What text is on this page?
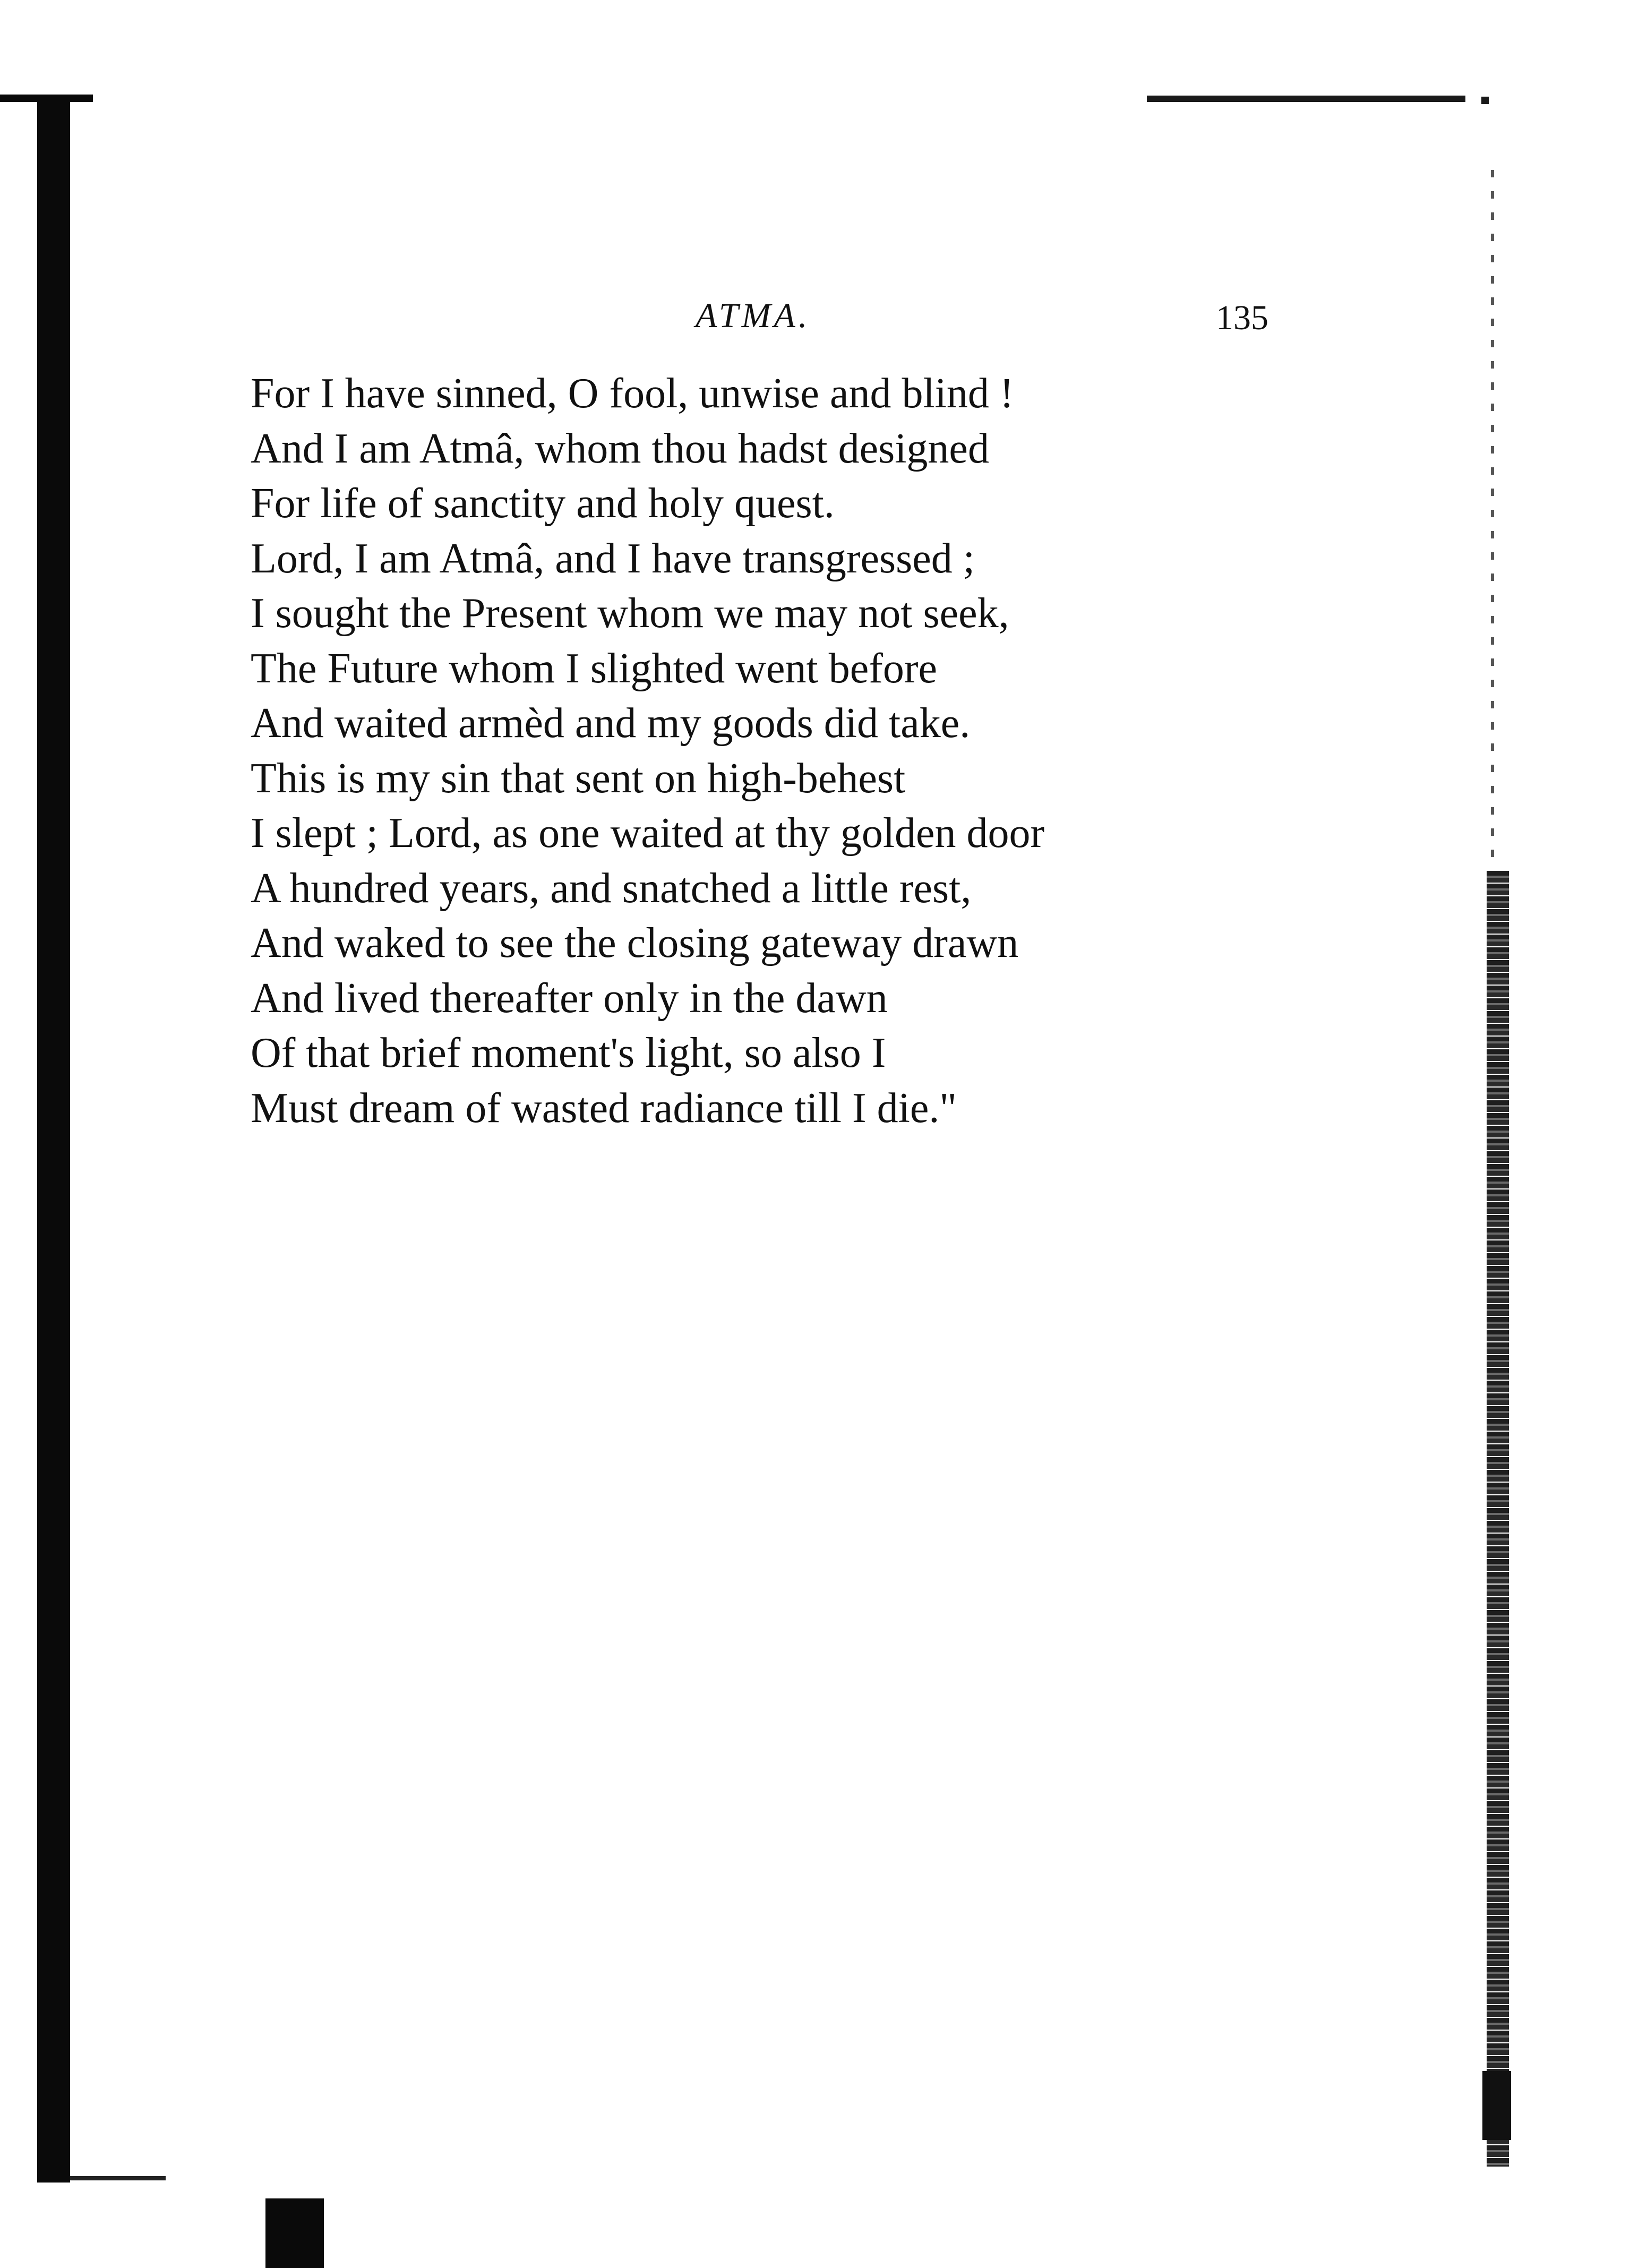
ATMA.	135
For I have sinned, O fool, unwise and blind !
And I am Atmâ, whom thou hadst designed
For life of sanctity and holy quest.
Lord, I am Atmâ, and I have transgressed ;
I sought the Present whom we may not seek,
The Future whom I slighted went before
And waited armèd and my goods did take.
This is my sin that sent on high-behest
I slept ; Lord, as one waited at thy golden door
A hundred years, and snatched a little rest,
And waked to see the closing gateway drawn
And lived thereafter only in the dawn
Of that brief moment's light, so also I
Must dream of wasted radiance till I die."
